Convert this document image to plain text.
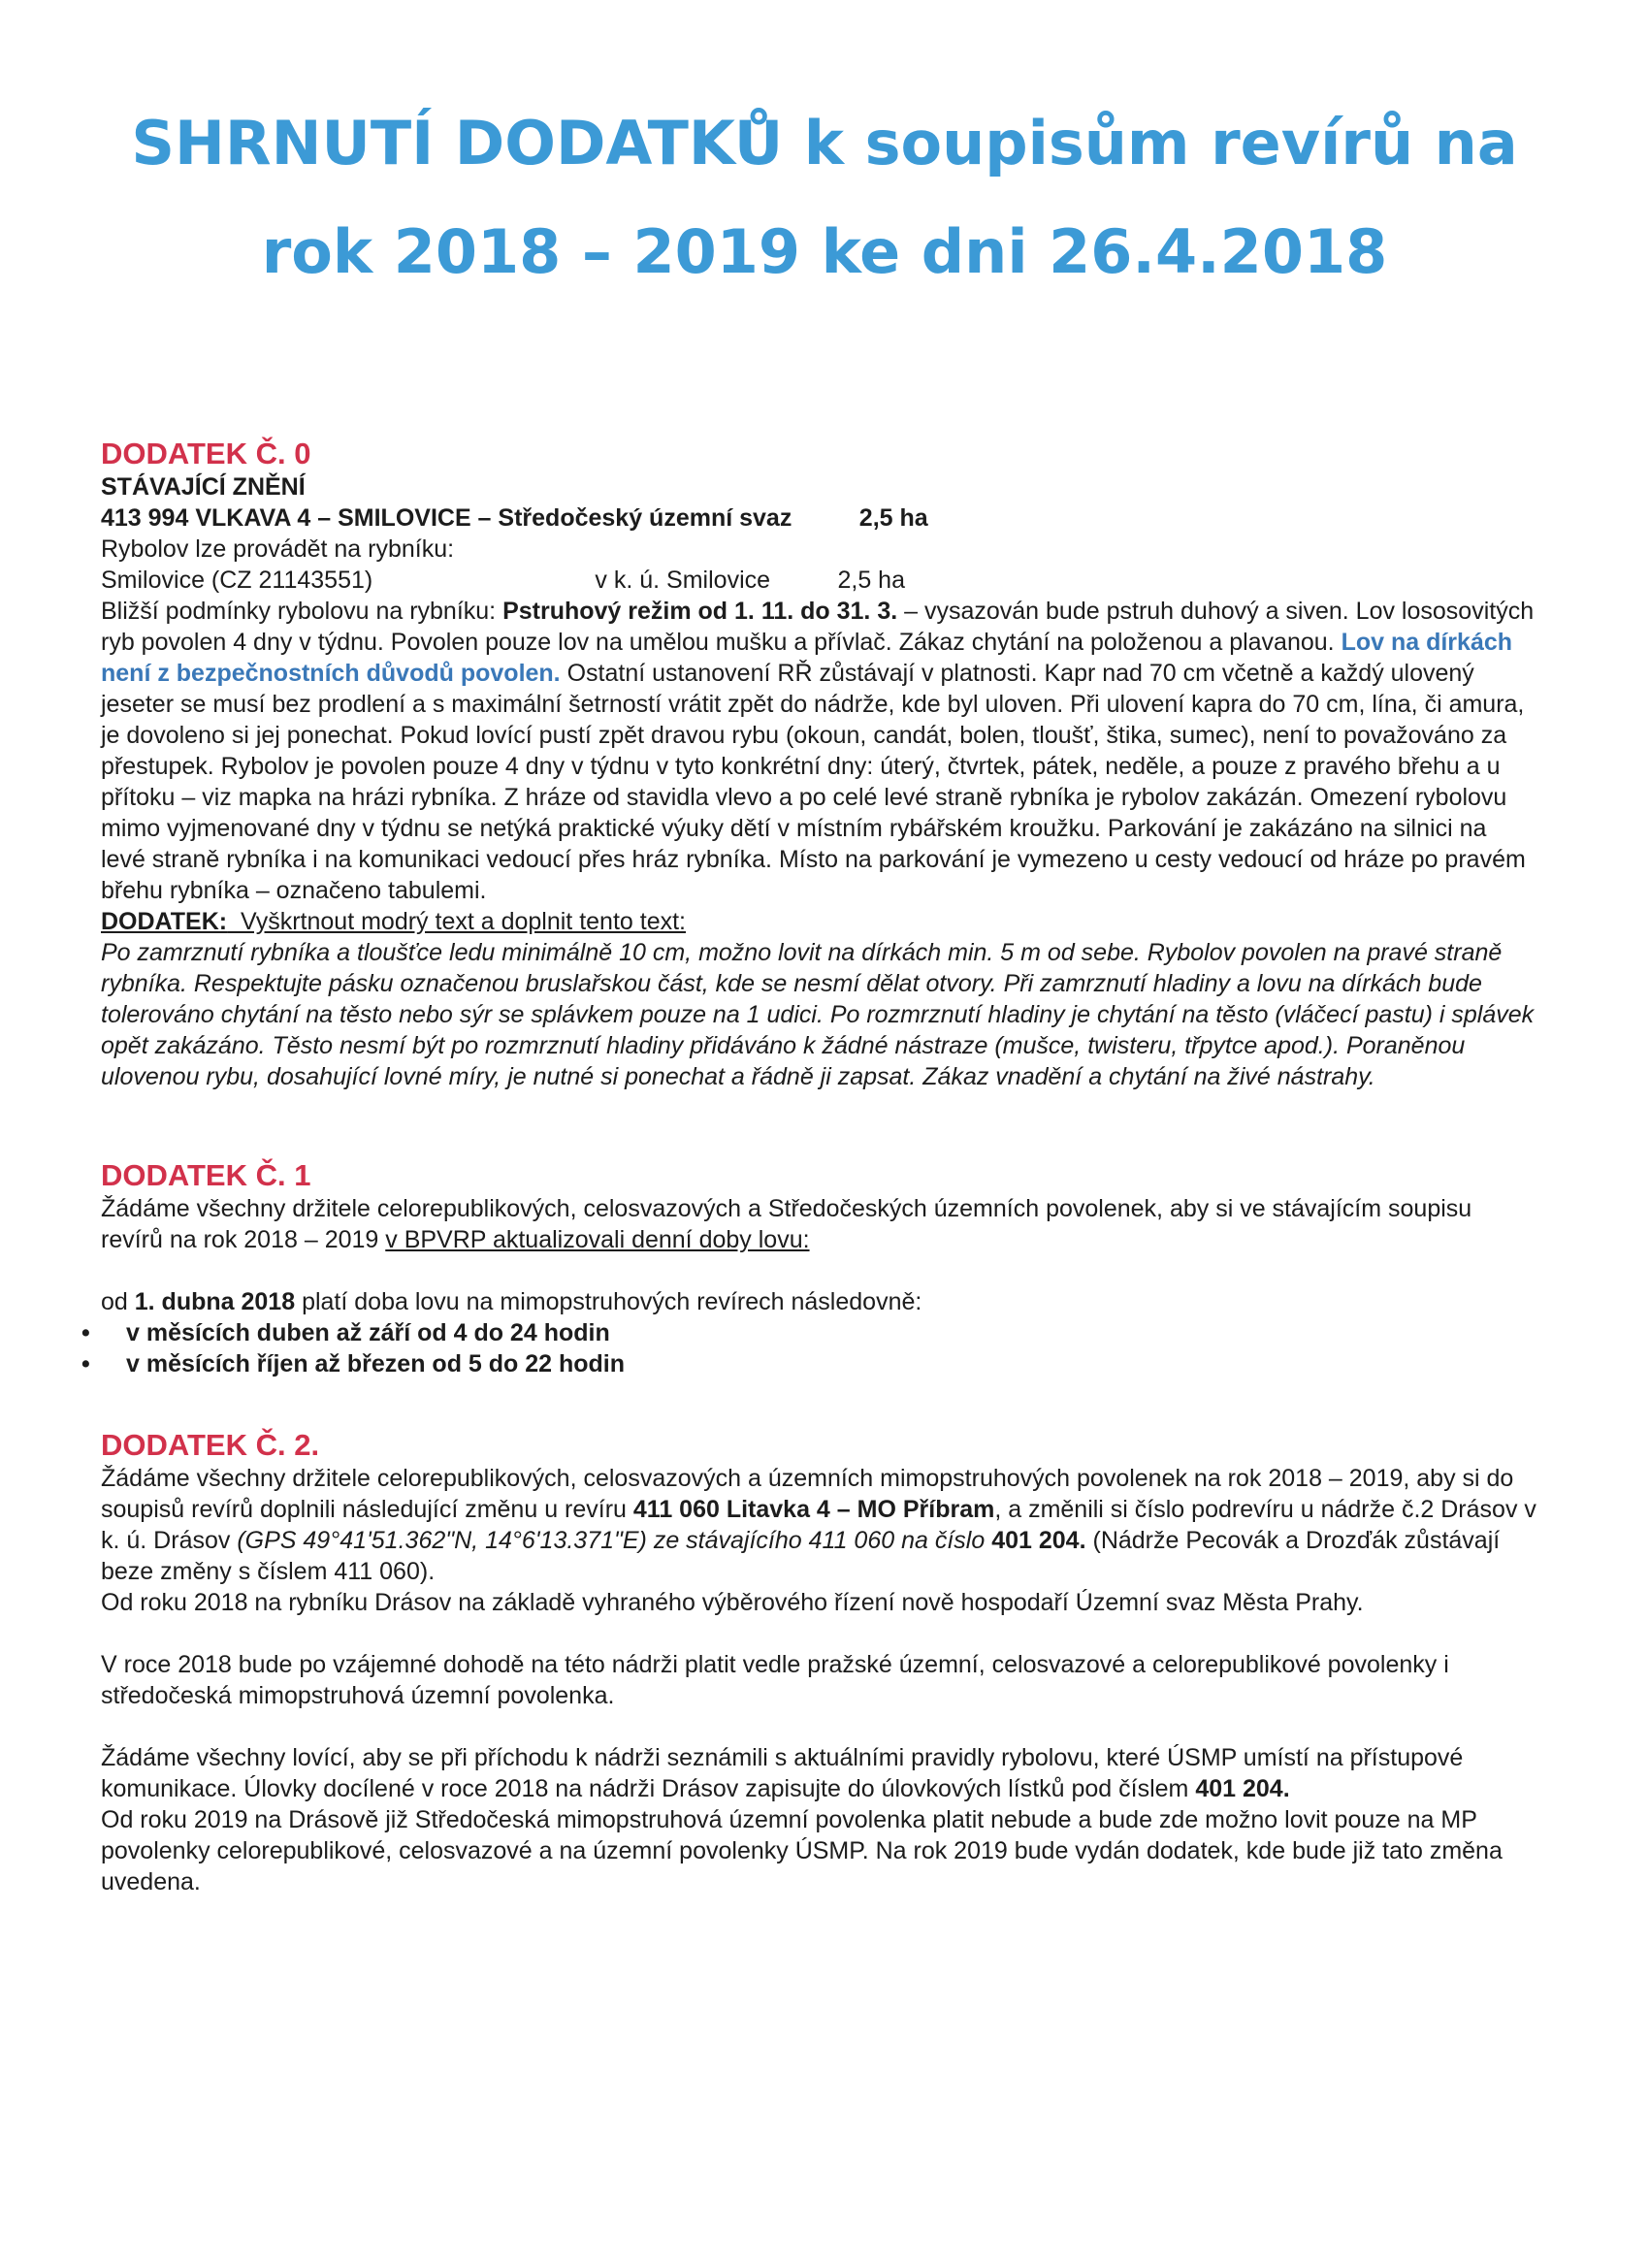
SHRNUTÍ DODATKŮ k soupisům revírů na
rok 2018 – 2019 ke dni 26.4.2018
DODATEK Č. 0
STÁVAJÍCÍ ZNĚNÍ
413 994 VLKAVA 4 – SMILOVICE – Středočeský územní svaz          2,5 ha
Rybolov lze provádět na rybníku:
Smilovice (CZ 21143551)                                 v k. ú. Smilovice          2,5 ha
Bližší podmínky rybolovu na rybníku: Pstruhový režim od 1. 11. do 31. 3. – vysazován bude pstruh duhový a siven. Lov lososovitých ryb povolen 4 dny v týdnu. Povolen pouze lov na umělou mušku a přívlač. Zákaz chytání na položenou a plavanou. Lov na dírkách není z bezpečnostních důvodů povolen. Ostatní ustanovení RŘ zůstávají v platnosti. Kapr nad 70 cm včetně a každý ulovený jeseter se musí bez prodlení a s maximální šetrností vrátit zpět do nádrže, kde byl uloven. Při ulovení kapra do 70 cm, lína, či amura, je dovoleno si jej ponechat. Pokud lovící pustí zpět dravou rybu (okoun, candát, bolen, tloušť, štika, sumec), není to považováno za přestupek. Rybolov je povolen pouze 4 dny v týdnu v tyto konkrétní dny: úterý, čtvrtek, pátek, neděle, a pouze z pravého břehu a u přítoku – viz mapka na hrázi rybníka. Z hráze od stavidla vlevo a po celé levé straně rybníka je rybolov zakázán. Omezení rybolovu mimo vyjmenované dny v týdnu se netýká praktické výuky dětí v místním rybářském kroužku. Parkování je zakázáno na silnici na levé straně rybníka i na komunikaci vedoucí přes hráz rybníka. Místo na parkování je vymezeno u cesty vedoucí od hráze po pravém břehu rybníka – označeno tabulemi.
DODATEK:  Vyškrtnout modrý text a doplnit tento text:
Po zamrznutí rybníka a tloušťce ledu minimálně 10 cm, možno lovit na dírkách min. 5 m od sebe. Rybolov povolen na pravé straně rybníka. Respektujte pásku označenou bruslařskou část, kde se nesmí dělat otvory. Při zamrznutí hladiny a lovu na dírkách bude tolerováno chytání na těsto nebo sýr se splávkem pouze na 1 udici. Po rozmrznutí hladiny je chytání na těsto (vláčecí pastu) i splávek opět zakázáno. Těsto nesmí být po rozmrznutí hladiny přidáváno k žádné nástraze (mušce, twisteru, třpytce apod.). Poraněnou ulovenou rybu, dosahující lovné míry, je nutné si ponechat a řádně ji zapsat. Zákaz vnadění a chytání na živé nástrahy.
DODATEK Č. 1
Žádáme všechny držitele celorepublikových, celosvazových a Středočeských územních povolenek, aby si ve stávajícím soupisu revírů na rok 2018 – 2019 v BPVRP aktualizovali denní doby lovu:
od 1. dubna 2018 platí doba lovu na mimopstruhových revírech následovně:
•	v měsících duben až září od 4 do 24 hodin
•	v měsících říjen až březen od 5 do 22 hodin
DODATEK Č. 2.
Žádáme všechny držitele celorepublikových, celosvazových a územních mimopstruhových povolenek na rok 2018 – 2019, aby si do soupisů revírů doplnili následující změnu u revíru 411 060 Litavka 4 – MO Příbram, a změnili si číslo podrevíru u nádrže č.2 Drásov v k. ú. Drásov (GPS 49°41'51.362"N, 14°6'13.371"E) ze stávajícího 411 060 na číslo 401 204. (Nádrže Pecovák a Drozďák zůstávají beze změny s číslem 411 060).
Od roku 2018 na rybníku Drásov na základě vyhraného výběrového řízení nově hospodaří Územní svaz Města Prahy.
V roce 2018 bude po vzájemné dohodě na této nádrži platit vedle pražské územní, celosvazové a celorepublikové povolenky i středočeská mimopstruhová územní povolenka.
Žádáme všechny lovící, aby se při příchodu k nádrži seznámili s aktuálními pravidly rybolovu, které ÚSMP umístí na přístupové komunikace. Úlovky docílené v roce 2018 na nádrži Drásov zapisujte do úlovkových lístků pod číslem 401 204.
Od roku 2019 na Drásově již Středočeská mimopstruhová územní povolenka platit nebude a bude zde možno lovit pouze na MP povolenky celorepublikové, celosvazové a na územní povolenky ÚSMP. Na rok 2019 bude vydán dodatek, kde bude již tato změna uvedena.
